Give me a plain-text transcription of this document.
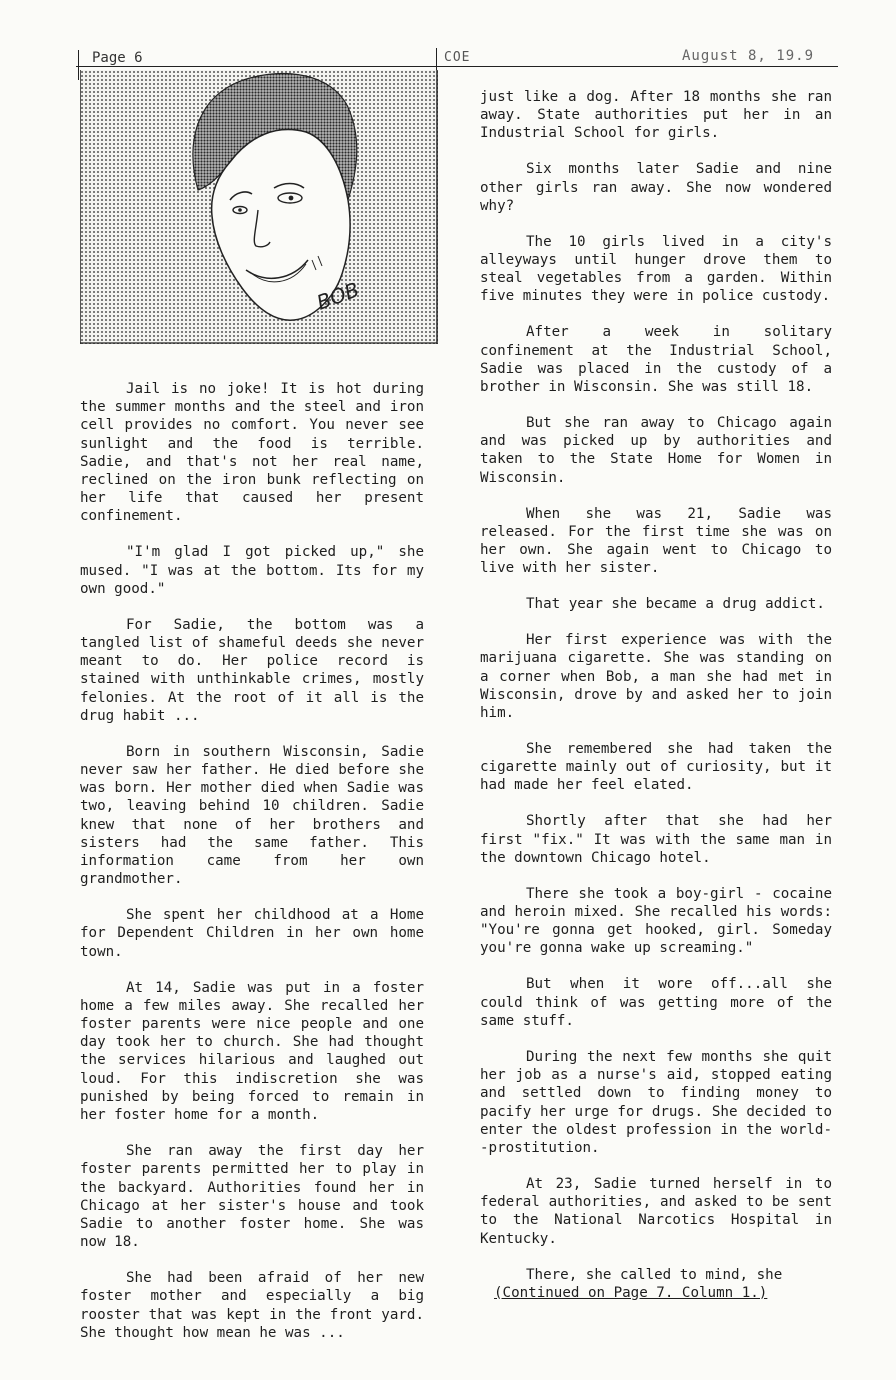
Page 6	COE	August 8, 19.9
BOB

Jail is no joke! It is hot during the summer months and the steel and iron cell provides no comfort. You never see sunlight and the food is terrible. Sadie, and that's not her real name, reclined on the iron bunk reflecting on her life that caused her present confinement.

"I'm glad I got picked up," she mused. "I was at the bottom. Its for my own good."

For Sadie, the bottom was a tangled list of shameful deeds she never meant to do. Her police record is stained with unthinkable crimes, mostly felonies. At the root of it all is the drug habit ...

Born in southern Wisconsin, Sadie never saw her father. He died before she was born. Her mother died when Sadie was two, leaving behind 10 children. Sadie knew that none of her brothers and sisters had the same father. This information came from her own grandmother.

She spent her childhood at a Home for Dependent Children in her own home town.

At 14, Sadie was put in a foster home a few miles away. She recalled her foster parents were nice people and one day took her to church. She had thought the services hilarious and laughed out loud. For this indiscretion she was punished by being forced to remain in her foster home for a month.

She ran away the first day her foster parents permitted her to play in the backyard. Authorities found her in Chicago at her sister's house and took Sadie to another foster home. She was now 18.

She had been afraid of her new foster mother and especially a big rooster that was kept in the front yard. She thought how mean he was ...

just like a dog. After 18 months she ran away. State authorities put her in an Industrial School for girls.

Six months later Sadie and nine other girls ran away. She now wondered why?

The 10 girls lived in a city's alleyways until hunger drove them to steal vegetables from a garden. Within five minutes they were in police custody.

After a week in solitary confinement at the Industrial School, Sadie was placed in the custody of a brother in Wisconsin. She was still 18.

But she ran away to Chicago again and was picked up by authorities and taken to the State Home for Women in Wisconsin.

When she was 21, Sadie was released. For the first time she was on her own. She again went to Chicago to live with her sister.

That year she became a drug addict.

Her first experience was with the marijuana cigarette. She was standing on a corner when Bob, a man she had met in Wisconsin, drove by and asked her to join him.

She remembered she had taken the cigarette mainly out of curiosity, but it had made her feel elated.

Shortly after that she had her first "fix." It was with the same man in the downtown Chicago hotel.

There she took a boy-girl - cocaine and heroin mixed. She recalled his words: "You're gonna get hooked, girl. Someday you're gonna wake up screaming."

But when it wore off...all she could think of was getting more of the same stuff.

During the next few months she quit her job as a nurse's aid, stopped eating and settled down to finding money to pacify her urge for drugs. She decided to enter the oldest profession in the world--prostitution.

At 23, Sadie turned herself in to federal authorities, and asked to be sent to the National Narcotics Hospital in Kentucky.

There, she called to mind, she

(Continued on Page 7. Column 1.)
